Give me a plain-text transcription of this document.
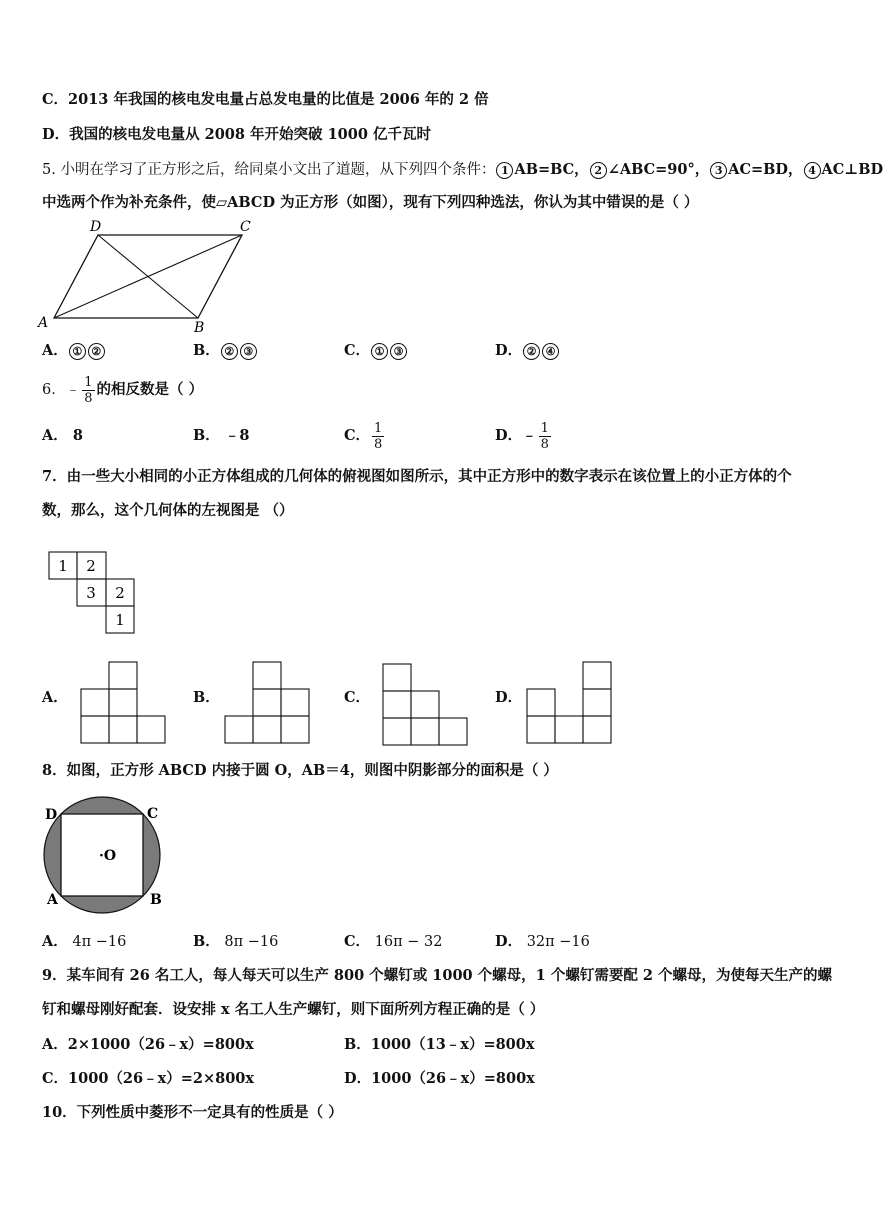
C．2013 年我国的核电发电量占总发电量的比值是 2006 年的 2 倍
D．我国的核电发电量从 2008 年开始突破 1000 亿千瓦时
5. 小明在学习了正方形之后，给同桌小文出了道题，从下列四个条件： 1 AB=BC， 2 ∠ABC=90°， 3 AC=BD， 4 AC⊥BD
中选两个作为补充条件，使▱ABCD 为正方形（如图），现有下列四种选法，你认为其中错误的是（ ）
A	B
C
D
A． ① ②	B． ② ③	C． ① ③	D． ② ④
6．﹣ $\frac{1}{8}$ 的相反数是（ ）
A． 8	B． ﹣8	C． $\frac{1}{8}$	D．﹣ $\frac{1}{8}$
7．由一些大小相同的小正方体组成的几何体的俯视图如图所示，其中正方形中的数字表示在该位置上的小正方体的个
数，那么，这个几何体的左视图是 （）
1 2
3 2
1
A．	B．	C．	D．
8．如图，正方形 ABCD 内接于圆 O，AB＝4，则图中阴影部分的面积是（ ）
D	C
A	B
·O
A． 4π −16	B． 8π −16	C． 16π − 32	D． 32π −16
9．某车间有 26 名工人，每人每天可以生产 800 个螺钉或 1000 个螺母，1 个螺钉需要配 2 个螺母，为使每天生产的螺
钉和螺母刚好配套．设安排 x 名工人生产螺钉，则下面所列方程正确的是（ ）
A．2×1000（26﹣x）=800x	B．1000（13﹣x）=800x
C．1000（26﹣x）=2×800x	D．1000（26﹣x）=800x
10．下列性质中菱形不一定具有的性质是（ ）
